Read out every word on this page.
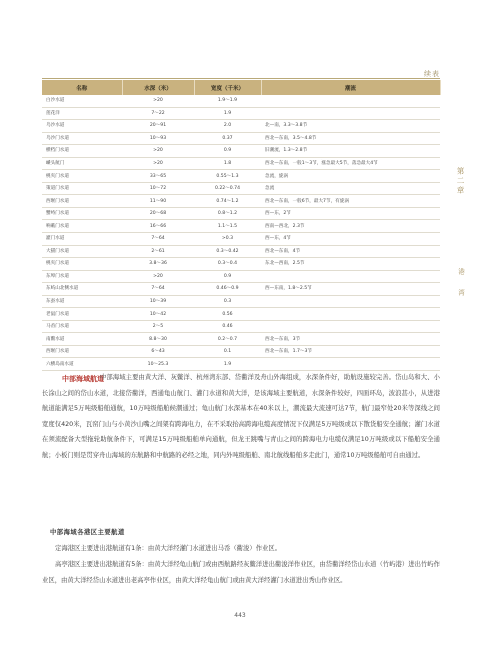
续表
名称	水深（米）	宽度（千米）	潮流
白沙水道	>20	1.9～1.9	
莲花洋	7～22	1.9	
乌沙水道	20～91	2.0	北—南，3.3～3.8节
乌沙门水道	10～93	0.37	西北—东南，3.5～4.8节
横档门水道	>20	0.9	旧潮流，1.3～2.8节
嵊头航门	>20	1.8	西北—东南，一般1～3节，涨急最大5节，落急最大4节
桃夹门水道	33～65	0.55～1.3	急流，旋涡
策道门水道	10～72	0.22～0.74	急流
西堠门水道	11～90	0.74～1.2	西北—东南，一般6节，最大7节，有旋涡
蟹峙门水道	20～68	0.8～1.2	西—东，2节
响礁门水道	16～66	1.1～1.5	西南—西北，2.3节
灌门水道	7～64	>0.3	西—东，4节
大猫门水道	2～61	0.3～0.42	西北—东南，4节
桃夹门水道	3.8～36	0.3～0.4	东北—西南，2.5节
东埠门水道	>20	0.9	
东屿山北侧水道	7～64	0.46～0.9	西—东南，1.8～2.5节
东蚕水道	10～39	0.3	
老鼠门水道	10～42	0.56	
马岙门水道	2～5	0.46	
南鳖水道	8.8～30	0.2～0.7	西北—东南，3节
西堠门水道	6～43	0.1	西北—东南，1.7～3节
六横岛南水道	10～25.3	1.9	
第二章
港 湾
中部海域航道

中部海域主要由黄大洋、灰鳖洋、杭州湾东部、岱衢洋及舟山外海组成，水深条件好，助航设施较完善。岱山岛和大、小长涂山之间的岱山水道，北接岱衢洋，西通龟山航门、灌门水道和黄大洋，是该海域主要航道，水深条件较好，四面环岛，波浪甚小，从进港航道能满足5万吨级船舶通航，10万吨级船舶候潮通过；龟山航门水深基本在40米以上，潮流最大流速可达7节，航门最窄处20米等深线之间宽度仅420米，瓦窑门山与小黄沙山嘴之间架有跨海电力，在不采取抬高跨海电缆高度情况下仅满足5万吨级或以下散货船安全通航；灌门水道在须流配备大型拖轮助航条件下，可满足15万吨级船舶单向通航，但龙王跳嘴与青山之间的跨海电力电缆仅满足10万吨级或以下船舶安全通航；小板门则是贯穿舟山海域的东航路和中航路的必经之地，同内外吨级船舶、南北航线船舶多走此门，通常10万吨级船舶可自由通过。

中部海域各港区主要航道

定海港区主要进出港航道有1条：由黄大洋经灌门水道进出马岙（衢浚）作业区。

高亭港区主要进出港航道有5条：由黄大洋经龟山航门或由西航路经灰鳖洋进出衢浚洋作业区，由岱衢洋经岱山水道（竹屿港）进出竹屿作业区，由黄大洋经岱山水道进出老高亭作业区，由黄大洋经龟山航门或由黄大洋经灌门水道进出秀山作业区。

443
